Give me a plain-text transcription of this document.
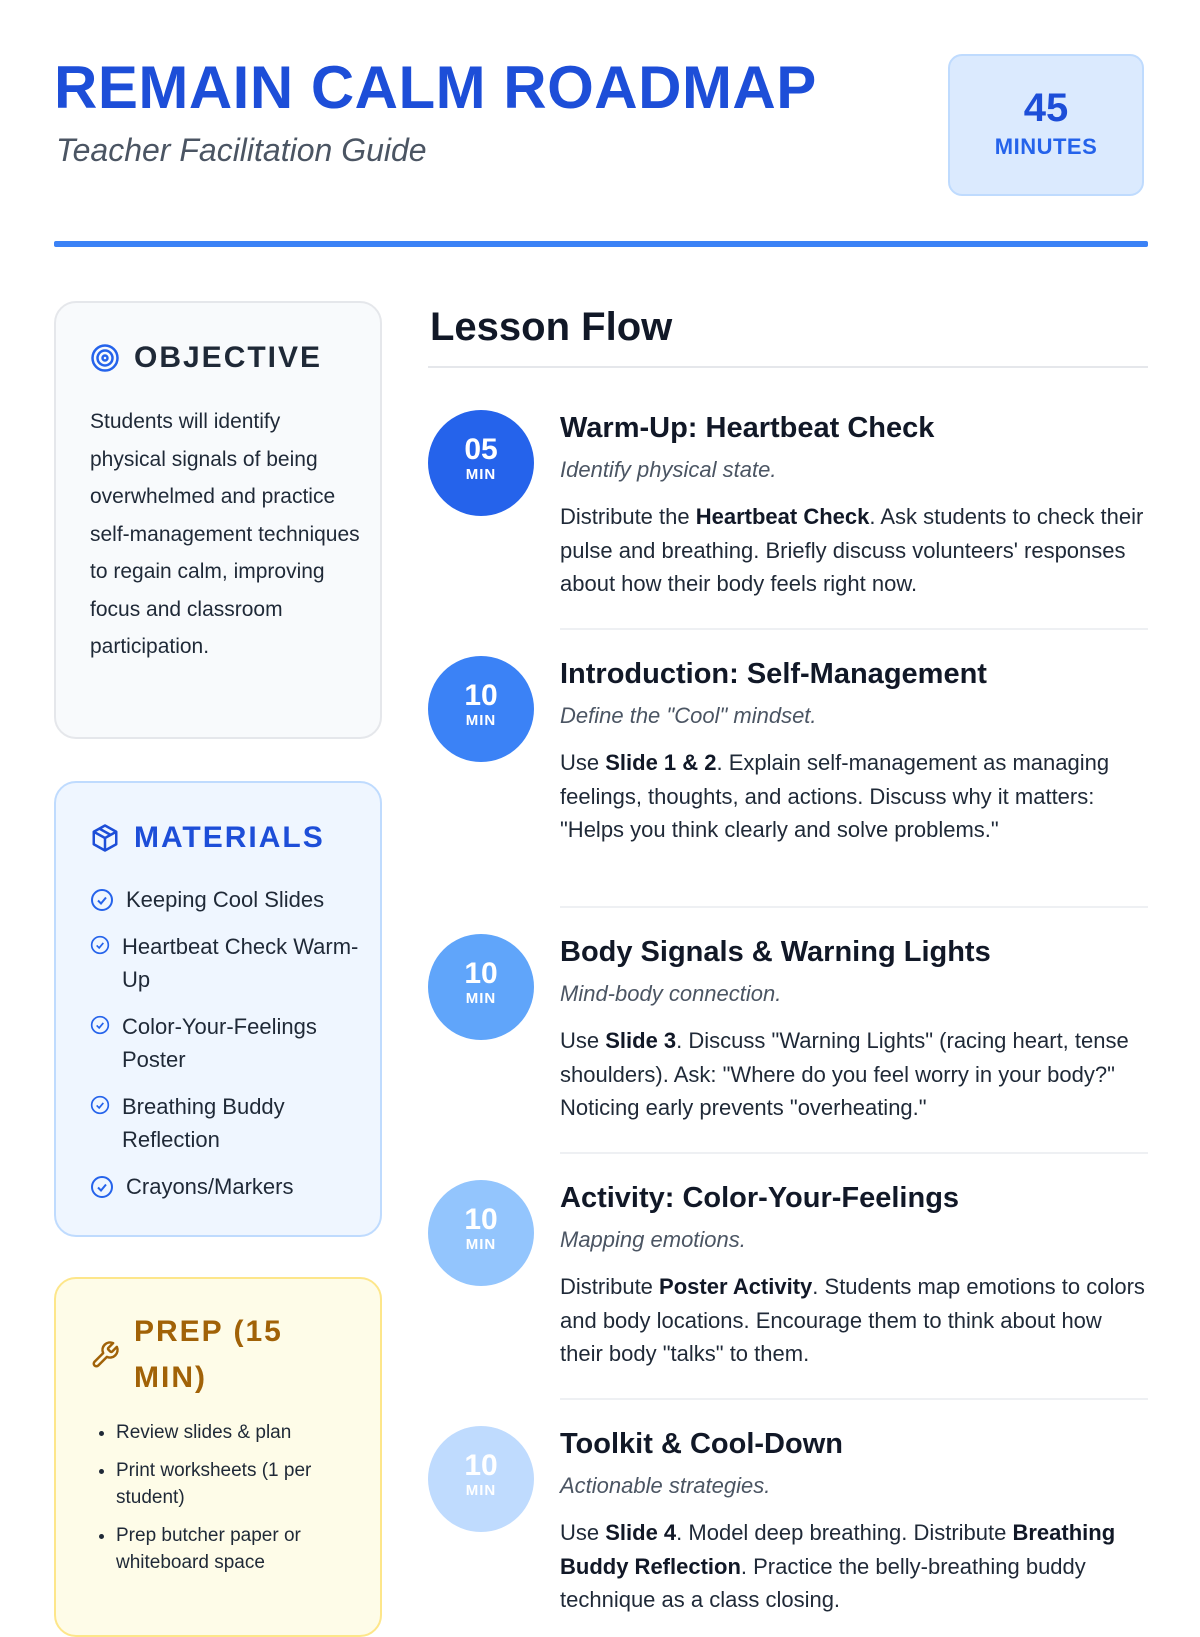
REMAIN CALM ROADMAP
Teacher Facilitation Guide
45
MINUTES
OBJECTIVE
Students will identify physical signals of being overwhelmed and practice self-management techniques to regain calm, improving focus and classroom participation.
MATERIALS
Keeping Cool Slides
Heartbeat Check Warm-Up
Color-Your-Feelings Poster
Breathing Buddy Reflection
Crayons/Markers
PREP (15 MIN)
• Review slides & plan
• Print worksheets (1 per student)
• Prep butcher paper or whiteboard space
Lesson Flow
05
MIN
Warm-Up: Heartbeat Check
Identify physical state.
Distribute the Heartbeat Check. Ask students to check their pulse and breathing. Briefly discuss volunteers' responses about how their body feels right now.
10
MIN
Introduction: Self-Management
Define the "Cool" mindset.
Use Slide 1 & 2. Explain self-management as managing feelings, thoughts, and actions. Discuss why it matters: "Helps you think clearly and solve problems."
10
MIN
Body Signals & Warning Lights
Mind-body connection.
Use Slide 3. Discuss "Warning Lights" (racing heart, tense shoulders). Ask: "Where do you feel worry in your body?" Noticing early prevents "overheating."
10
MIN
Activity: Color-Your-Feelings
Mapping emotions.
Distribute Poster Activity. Students map emotions to colors and body locations. Encourage them to think about how their body "talks" to them.
10
MIN
Toolkit & Cool-Down
Actionable strategies.
Use Slide 4. Model deep breathing. Distribute Breathing Buddy Reflection. Practice the belly-breathing buddy technique as a class closing.
